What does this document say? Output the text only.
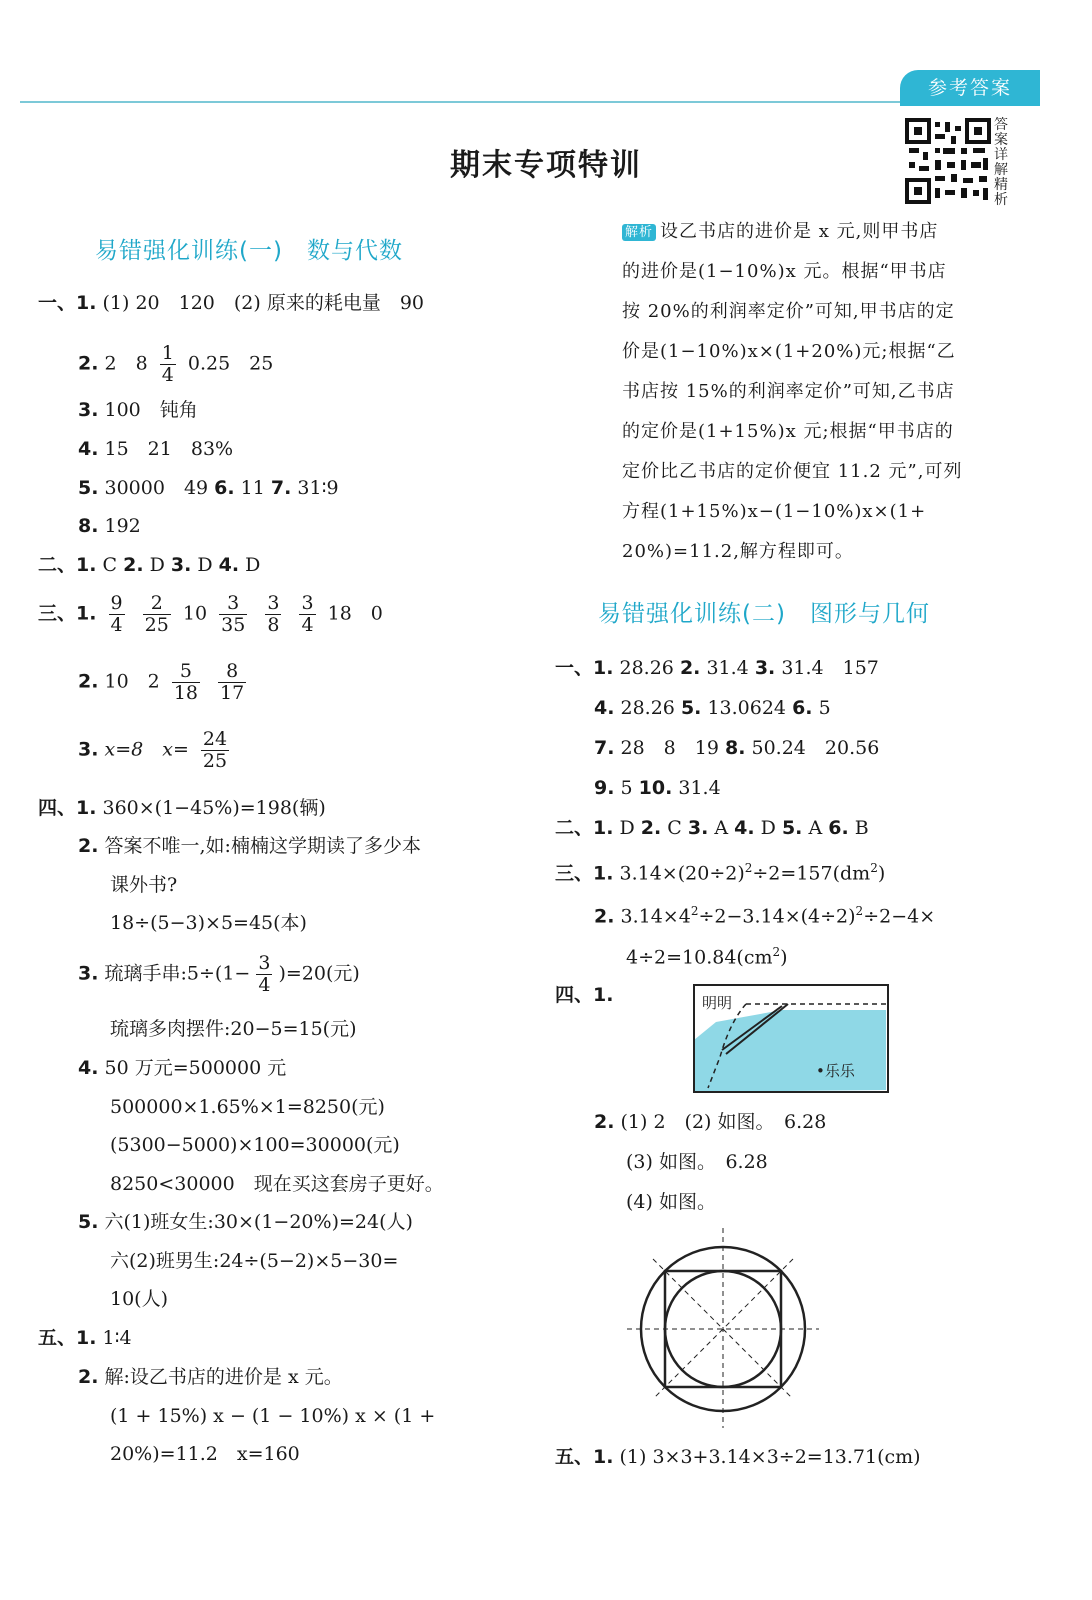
参考答案
期末专项特训
答案详解精析
易错强化训练(一)　数与代数
一、1. (1) 20　120　(2) 原来的耗电量　90
2. 2　$8 \frac{1}{4} 0.25$　25
3. 100　钝角
4. 15　21　83%
5. 30000　49 6. 11 7. 31∶9
8. 192
二、1. C 2. D 3. D 4. D
三、1. $\frac{9}{4}$
$\frac{2}{25} 10 \frac{3}{35}$
$\frac{3}{8}$
$\frac{3}{4} 18$　0
2. 10　$2 \frac{5}{18}$
$\frac{8}{17}$
3. x=8　$x= \frac{24}{25}$
四、1. 360×(1−45%)=198(辆)
2. 答案不唯一,如:楠楠这学期读了多少本
课外书?
18÷(5−3)×5=45(本)
3. 琉璃手串:5÷(1− $\frac{3}{4} )=20$(元)
琉璃多肉摆件:20−5=15(元)
4. 50 万元=500000 元
500000×1.65%×1=8250(元)
(5300−5000)×100=30000(元)
8250<30000　现在买这套房子更好。
5. 六(1)班女生:30×(1−20%)=24(人)
六(2)班男生:24÷(5−2)×5−30=
10(人)
五、1. 1∶4
2. 解:设乙书店的进价是 x 元。
(1 + 15%) x − (1 − 10%) x × (1 +
20%)=11.2　x=160
解析 设乙书店的进价是 x 元,则甲书店
的进价是(1−10%)x 元。根据“甲书店
按 20%的利润率定价”可知,甲书店的定
价是(1−10%)x×(1+20%)元;根据“乙
书店按 15%的利润率定价”可知,乙书店
的定价是(1+15%)x 元;根据“甲书店的
定价比乙书店的定价便宜 11.2 元”,可列
方程(1+15%)x−(1−10%)x×(1+
20%)=11.2,解方程即可。
易错强化训练(二)　图形与几何
一、1. 28.26 2. 31.4 3. 31.4　157
4. 28.26 5. 13.0624 6. 5
7. 28　8　19 8. 50.24　20.56
9. 5 10. 31.4
二、1. D 2. C 3. A 4. D 5. A 6. B
三、1. $3.14\times(20\div 2)^2\div 2=157(dm^2)$
2. $3.14\times 4^2\div 2-3.14\times(4\div 2)^2\div 2-4\times$
$4\div 2=10.84(cm^2)$
四、1.	明明
•乐乐
2. (1) 2　(2) 如图。　6.28
(3) 如图。　6.28
(4) 如图。
五、1. (1) 3×3+3.14×3÷2=13.71(cm)
